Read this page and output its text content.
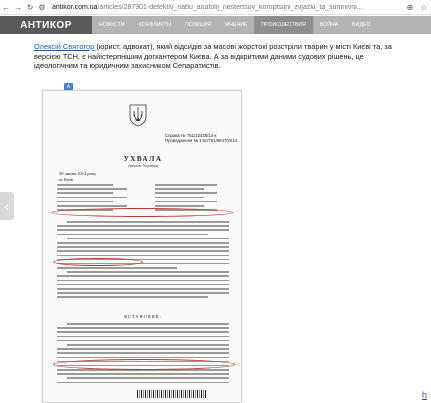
← → ↻ ⚙ antikor.com.ua/articles/287901-detektiv_nabu_anatolij_nestertsov_koruptsijni_zvjazki_ta_sumnivni...	⊕ ☆
АНТИКОР	НОВОСТИ	КОНФЛИКТЫ	ПОЗИЦИЯ	МНЕНИЕ	ПРОИСШЕСТВИЯ	ВОЙНА	ВИДЕО

Олексій Святогор (юрист, адвокат), який відсидів за масові жорстокі розстріли тварин у місті Києві та, за версією ТСН, є найістерпнішим догкантером Києва. А за відкритими даними судових рішень, це ідеологічним та юридичним захисником Сепаратистів.

A
‹
Справа № 761/22435/14-к
Провадження № 1-кс/761/8847/2014
УХВАЛА
іменем України
30 липня 2014 року
м. Київ
ВСТАНОВИВ:
h
